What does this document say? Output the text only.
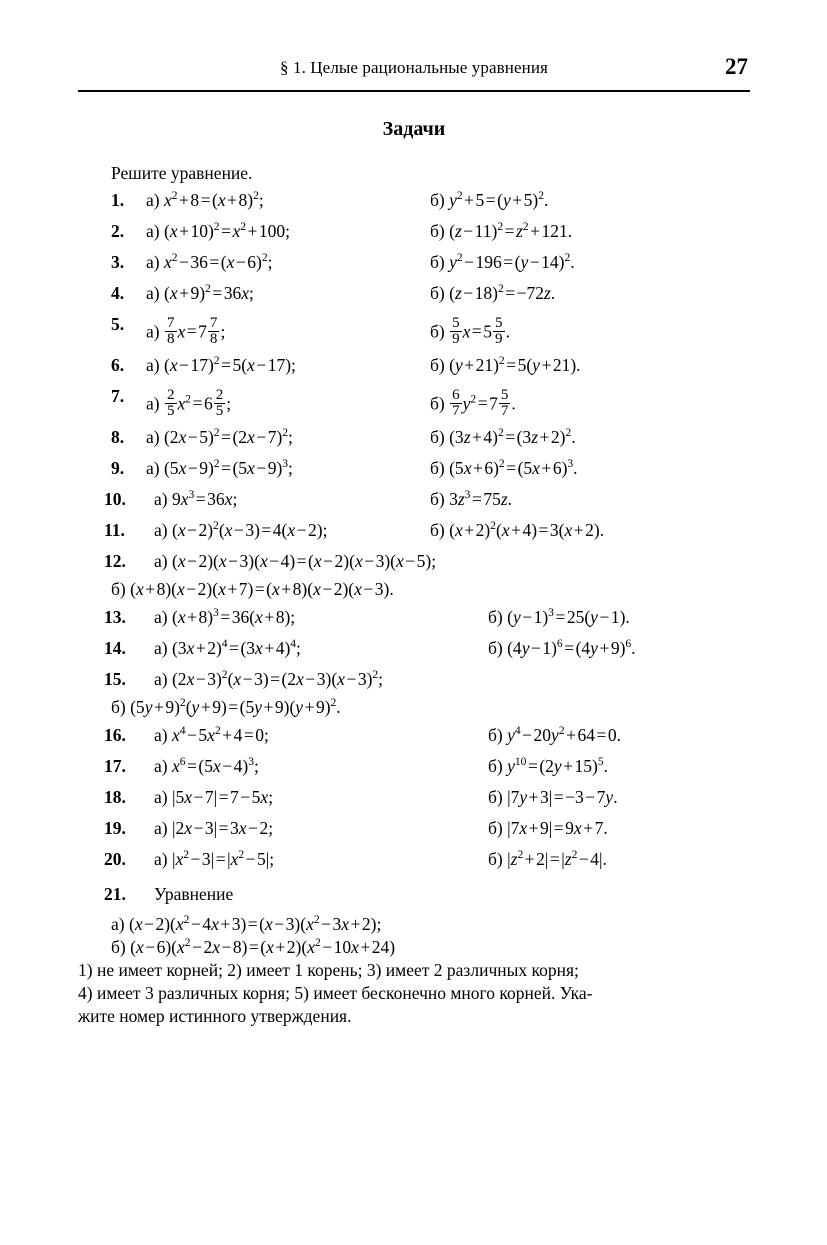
§ 1. Целые рациональные уравнения	27
Задачи
Решите уравнение.
1. а) $x^2+8=(x+8)^2$;	б) $y^2+5=(y+5)^2$.
2. а) $(x+10)^2=x^2+100$;	б) $(z-11)^2=z^2+121$.
3. а) $x^2-36=(x-6)^2$;	б) $y^2-196=(y-14)^2$.
4. а) $(x+9)^2=36x$;	б) $(z-18)^2=-72z$.
5. $а) \frac{7}{8} x=7 \frac{7}{8}$ ;	$б) \frac{5}{9} x=5 \frac{5}{9}$ .
6. а) $(x-17)^2=5(x-17)$;	б) $(y+21)^2=5(y+21)$.
7. $а) \frac{2}{5} x^2=6 \frac{2}{5}$ ;	$б) \frac{6}{7} y^2=7 \frac{5}{7}$ .
8. а) $(2x-5)^2=(2x-7)^2$;	б) $(3z+4)^2=(3z+2)^2$.
9. а) $(5x-9)^2=(5x-9)^3$;	б) $(5x+6)^2=(5x+6)^3$.
10. а) $9x^3=36x$;	б) $3z^3=75z$.
11. а) $(x-2)^2(x-3)=4(x-2)$;	б) $(x+2)^2(x+4)=3(x+2)$.
12. а) (x−2)(x−3)(x−4)=(x−2)(x−3)(x−5);
б) (x+8)(x−2)(x+7)=(x+8)(x−2)(x−3).
13. а) $(x+8)^3=36(x+8)$;	б) $(y-1)^3=25(y-1)$.
14. а) $(3x+2)^4=(3x+4)^4$;	б) $(4y-1)^6=(4y+9)^6$.
15. а) $(2x-3)^2(x-3)=(2x-3)(x-3)^2$;
б) $(5y+9)^2(y+9)=(5y+9)(y+9)^2$.
16. а) $x^4-5x^2+4=0$;	б) $y^4-20y^2+64=0$.
17. а) $x^6=(5x-4)^3$;	б) $y^{10}=(2y+15)^5$.
18. а) |5x−7|=7−5x;	б) |7y+3|=−3−7y.
19. а) |2x−3|=3x−2;	б) |7x+9|=9x+7.
20. а) $|x^2-3|=|x^2-5|$;	б) $|z^2+2|=|z^2-4|$.
21. Уравнение
а) $(x-2)(x^2-4x+3)=(x-3)(x^2-3x+2)$;
б) $(x-6)(x^2-2x-8)=(x+2)(x^2-10x+24)$
1) не имеет корней; 2) имеет 1 корень; 3) имеет 2 различных корня;
4) имеет 3 различных корня; 5) имеет бесконечно много корней. Ука-
жите номер истинного утверждения.
